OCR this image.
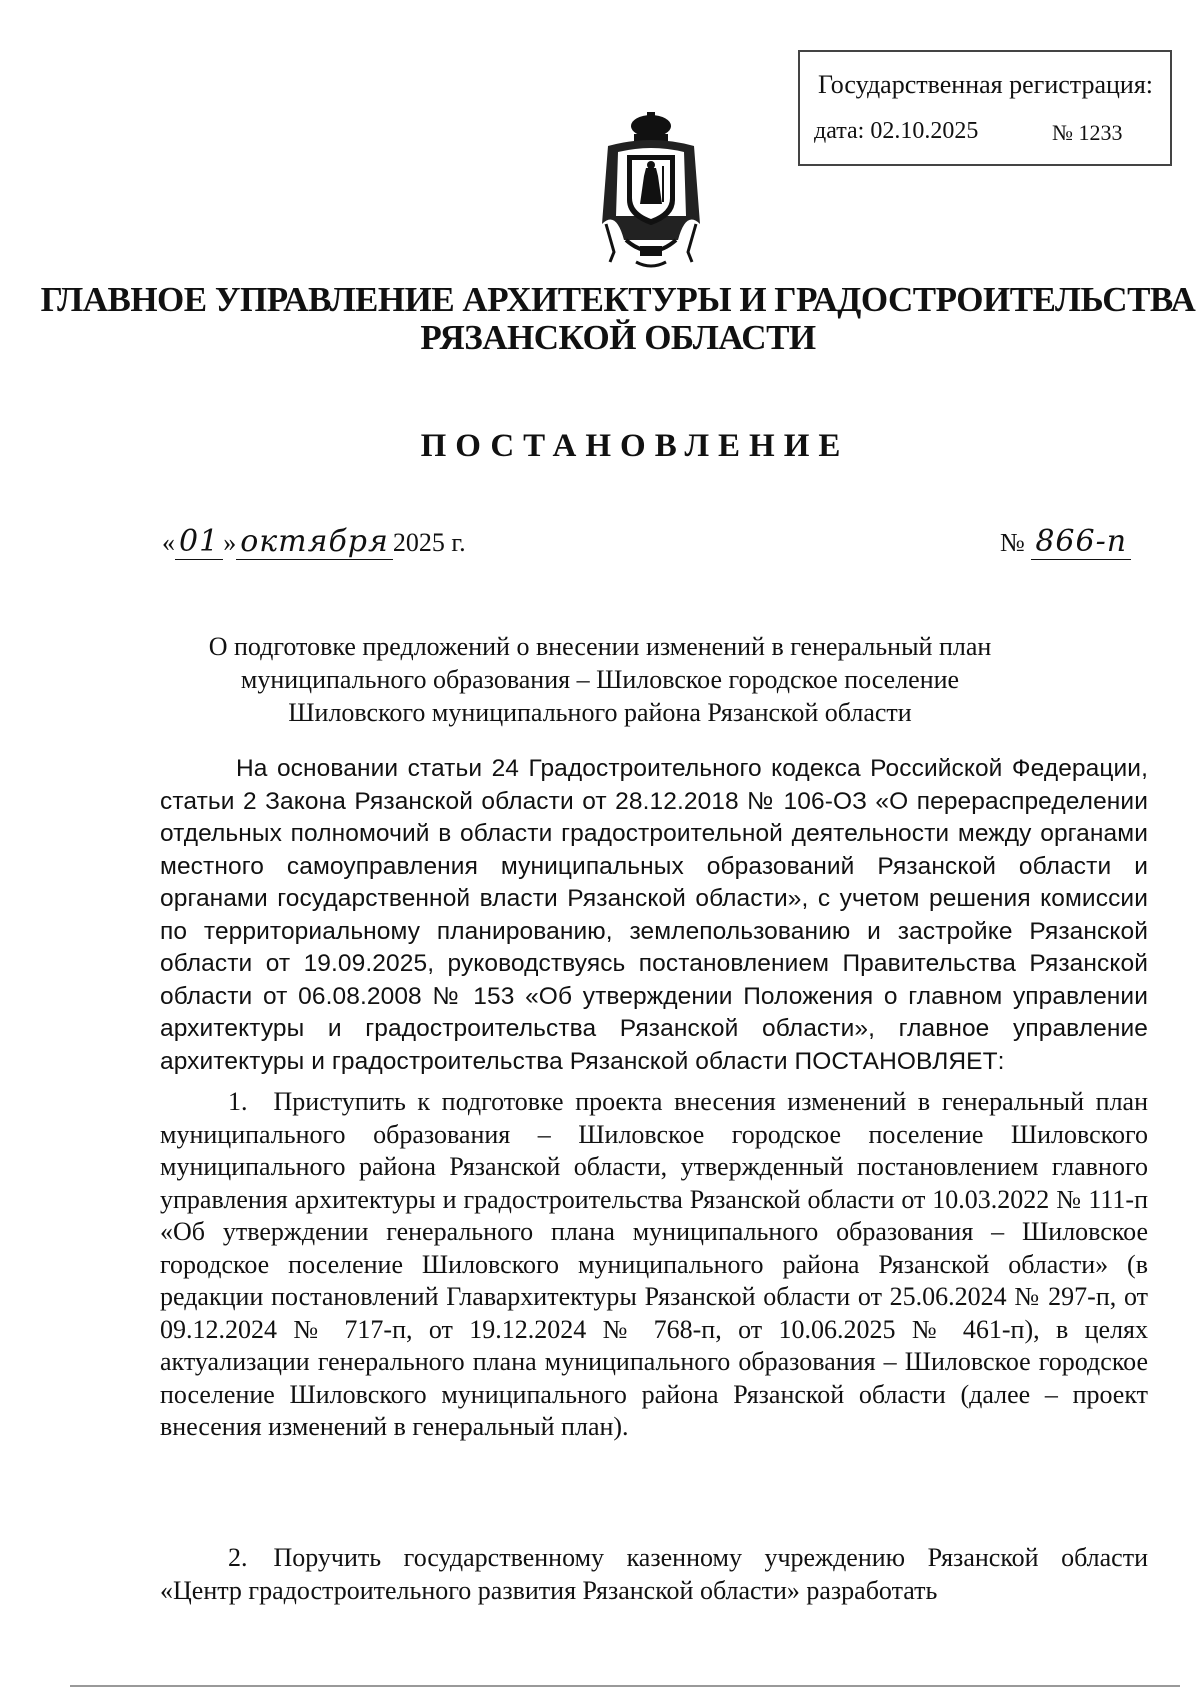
Государственная регистрация:
дата: 02.10.2025	№ 1233
ГЛАВНОЕ УПРАВЛЕНИЕ АРХИТЕКТУРЫ И ГРАДОСТРОИТЕЛЬСТВА
РЯЗАНСКОЙ ОБЛАСТИ
ПОСТАНОВЛЕНИЕ
« 01 » октября 2025 г.	№ 866-п
О подготовке предложений о внесении изменений в генеральный план
муниципального образования – Шиловское городское поселение
Шиловского муниципального района Рязанской области

На основании статьи 24 Градостроительного кодекса Российской Федерации, статьи 2 Закона Рязанской области от 28.12.2018 № 106-ОЗ «О перераспределении отдельных полномочий в области градостроительной деятельности между органами местного самоуправления муниципальных образований Рязанской области и органами государственной власти Рязанской области», с учетом решения комиссии по территориальному планированию, землепользованию и застройке Рязанской области от 19.09.2025, руководствуясь постановлением Правительства Рязанской области от 06.08.2008 № 153 «Об утверждении Положения о главном управлении архитектуры и градостроительства Рязанской области», главное управление архитектуры и градостроительства Рязанской области ПОСТАНОВЛЯЕТ:

1. Приступить к подготовке проекта внесения изменений в генеральный план муниципального образования – Шиловское городское поселение Шиловского муниципального района Рязанской области, утвержденный постановлением главного управления архитектуры и градостроительства Рязанской области от 10.03.2022 № 111-п «Об утверждении генерального плана муниципального образования – Шиловское городское поселение Шиловского муниципального района Рязанской области» (в редакции постановлений Главархитектуры Рязанской области от 25.06.2024 № 297-п, от 09.12.2024 № 717-п, от 19.12.2024 № 768-п, от 10.06.2025 № 461-п), в целях актуализации генерального плана муниципального образования – Шиловское городское поселение Шиловского муниципального района Рязанской области (далее – проект внесения изменений в генеральный план).

2. Поручить государственному казенному учреждению Рязанской области «Центр градостроительного развития Рязанской области» разработать
